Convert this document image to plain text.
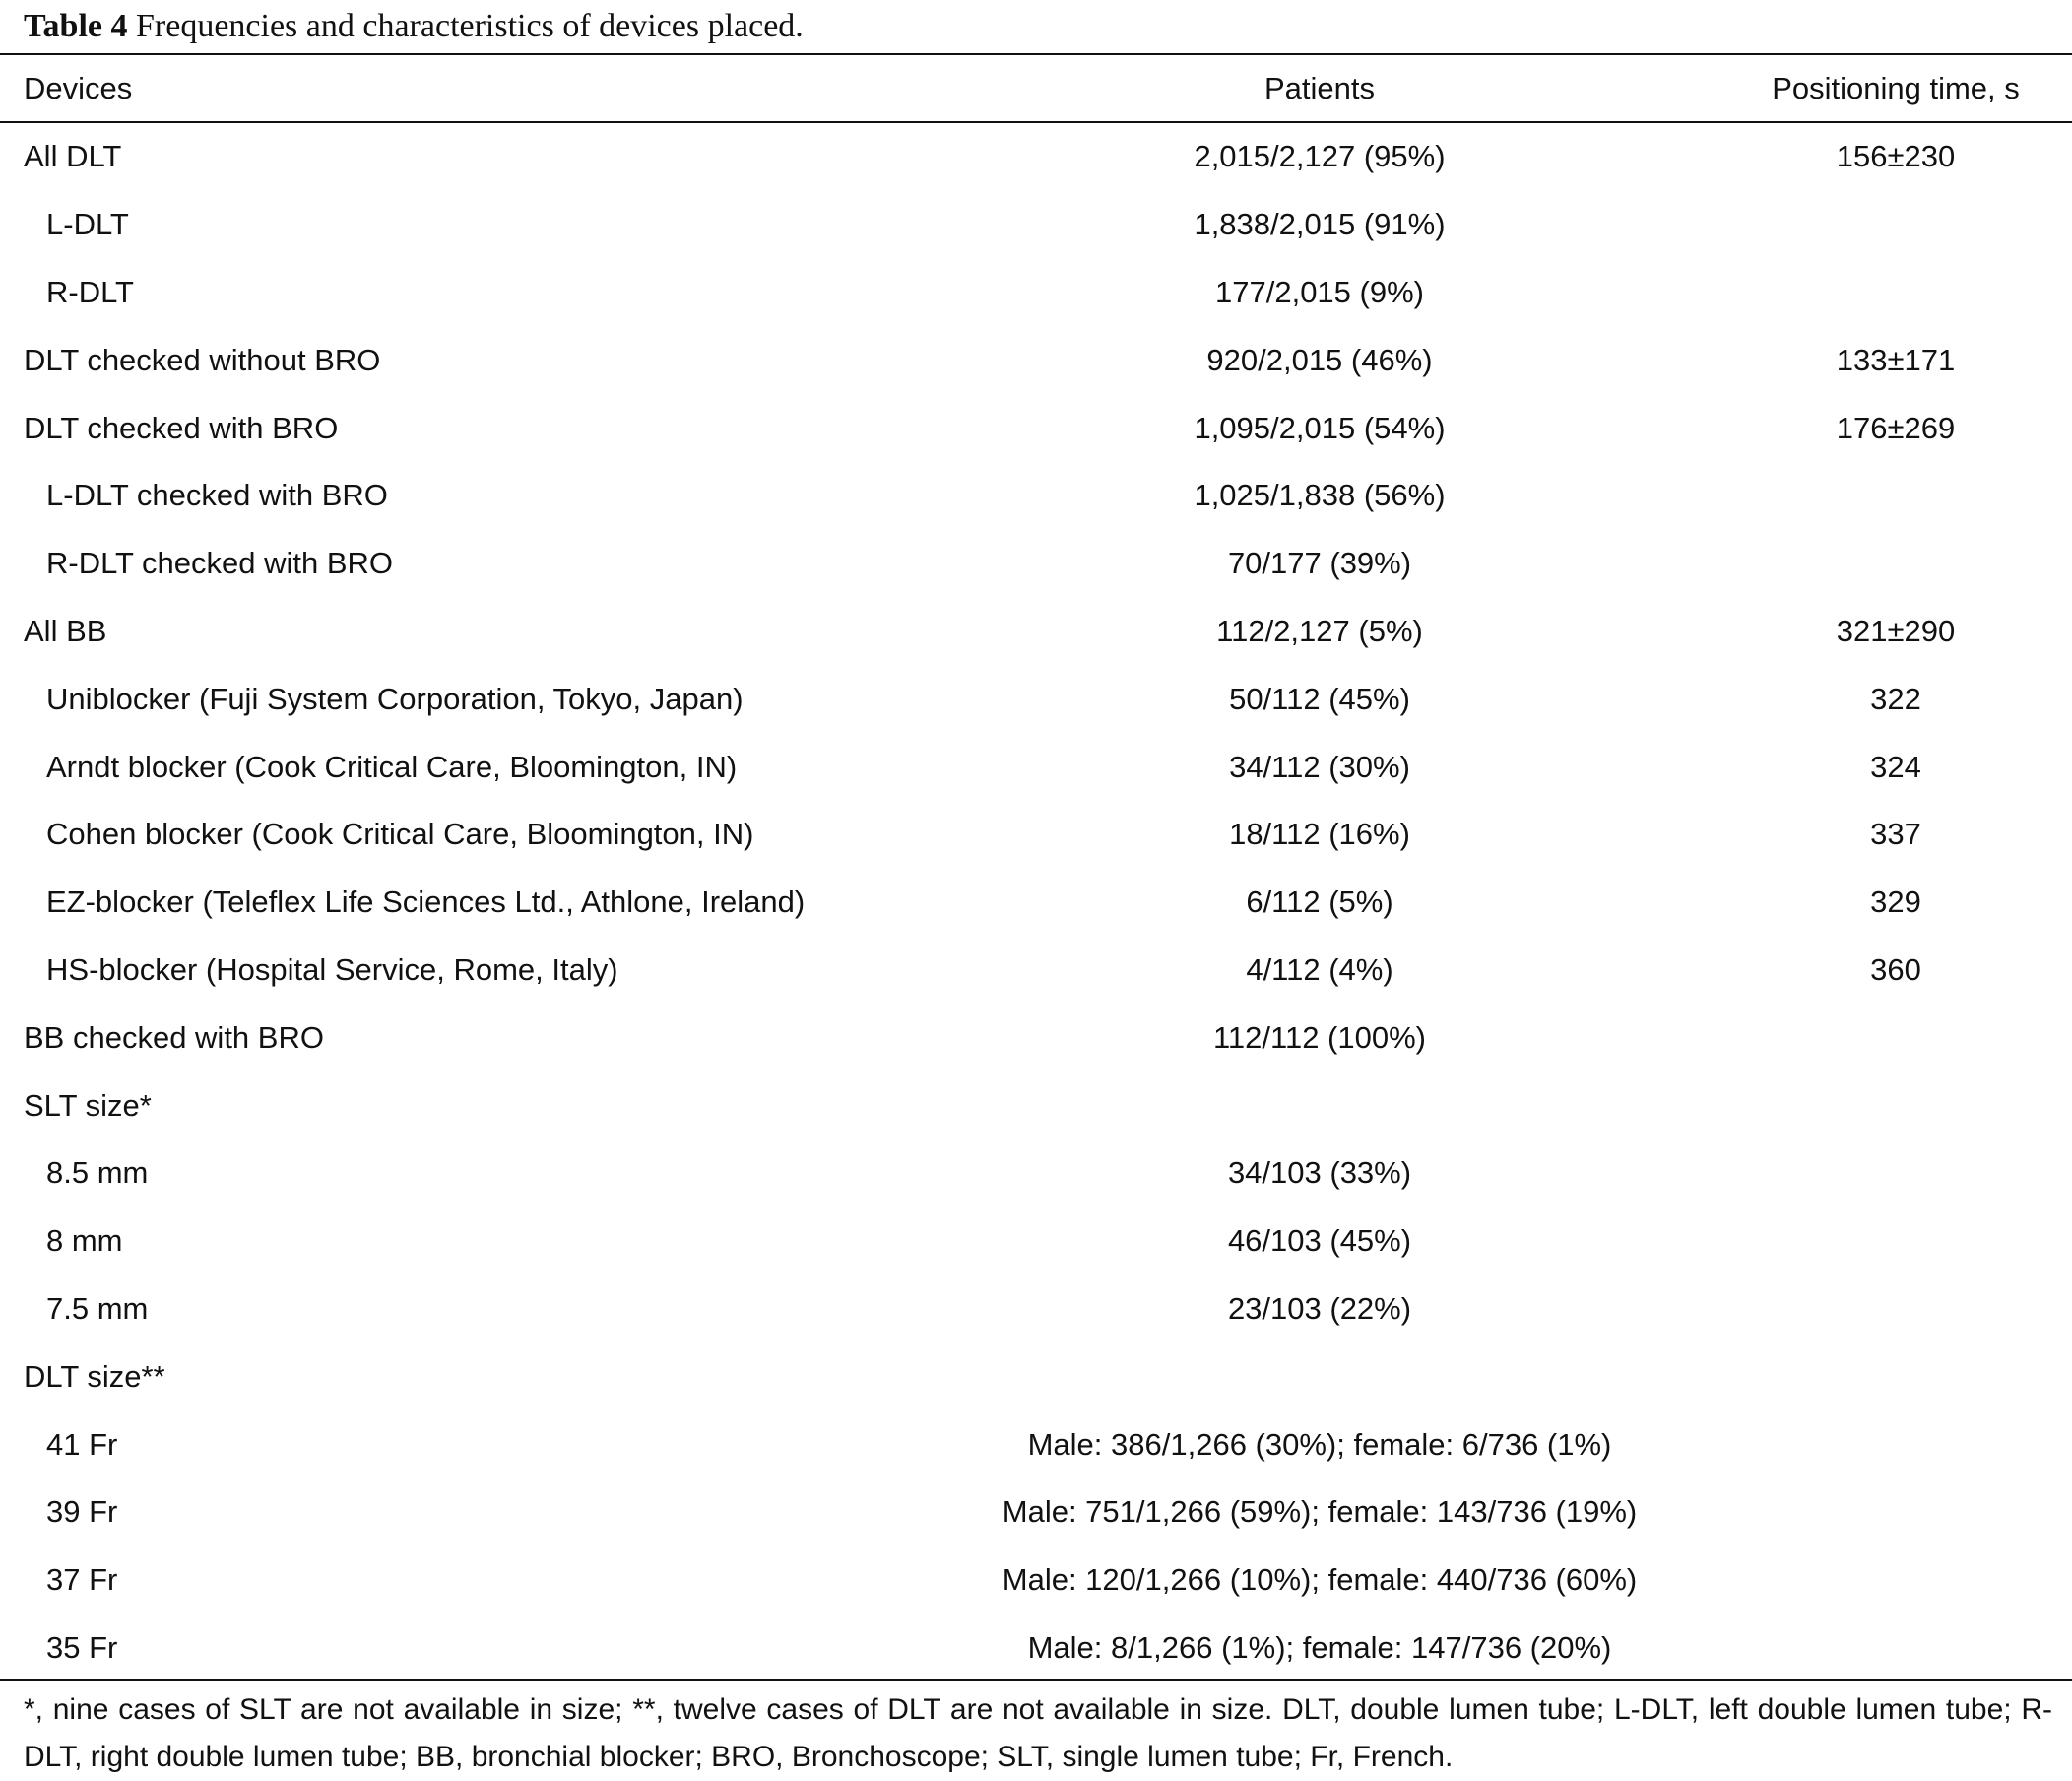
Table 4 Frequencies and characteristics of devices placed.
Devices	Patients	Positioning time, s
All DLT	2,015/2,127 (95%)	156±230
L-DLT	1,838/2,015 (91%)
R-DLT	177/2,015 (9%)
DLT checked without BRO	920/2,015 (46%)	133±171
DLT checked with BRO	1,095/2,015 (54%)	176±269
L-DLT checked with BRO	1,025/1,838 (56%)
R-DLT checked with BRO	70/177 (39%)
All BB	112/2,127 (5%)	321±290
Uniblocker (Fuji System Corporation, Tokyo, Japan)	50/112 (45%)	322
Arndt blocker (Cook Critical Care, Bloomington, IN)	34/112 (30%)	324
Cohen blocker (Cook Critical Care, Bloomington, IN)	18/112 (16%)	337
EZ-blocker (Teleflex Life Sciences Ltd., Athlone, Ireland)	6/112 (5%)	329
HS-blocker (Hospital Service, Rome, Italy)	4/112 (4%)	360
BB checked with BRO	112/112 (100%)
SLT size*
8.5 mm	34/103 (33%)
8 mm	46/103 (45%)
7.5 mm	23/103 (22%)
DLT size**
41 Fr	Male: 386/1,266 (30%); female: 6/736 (1%)
39 Fr	Male: 751/1,266 (59%); female: 143/736 (19%)
37 Fr	Male: 120/1,266 (10%); female: 440/736 (60%)
35 Fr	Male: 8/1,266 (1%); female: 147/736 (20%)
*, nine cases of SLT are not available in size; **, twelve cases of DLT are not available in size. DLT, double lumen tube; L-DLT, left double lumen tube; R-DLT, right double lumen tube; BB, bronchial blocker; BRO, Bronchoscope; SLT, single lumen tube; Fr, French.
